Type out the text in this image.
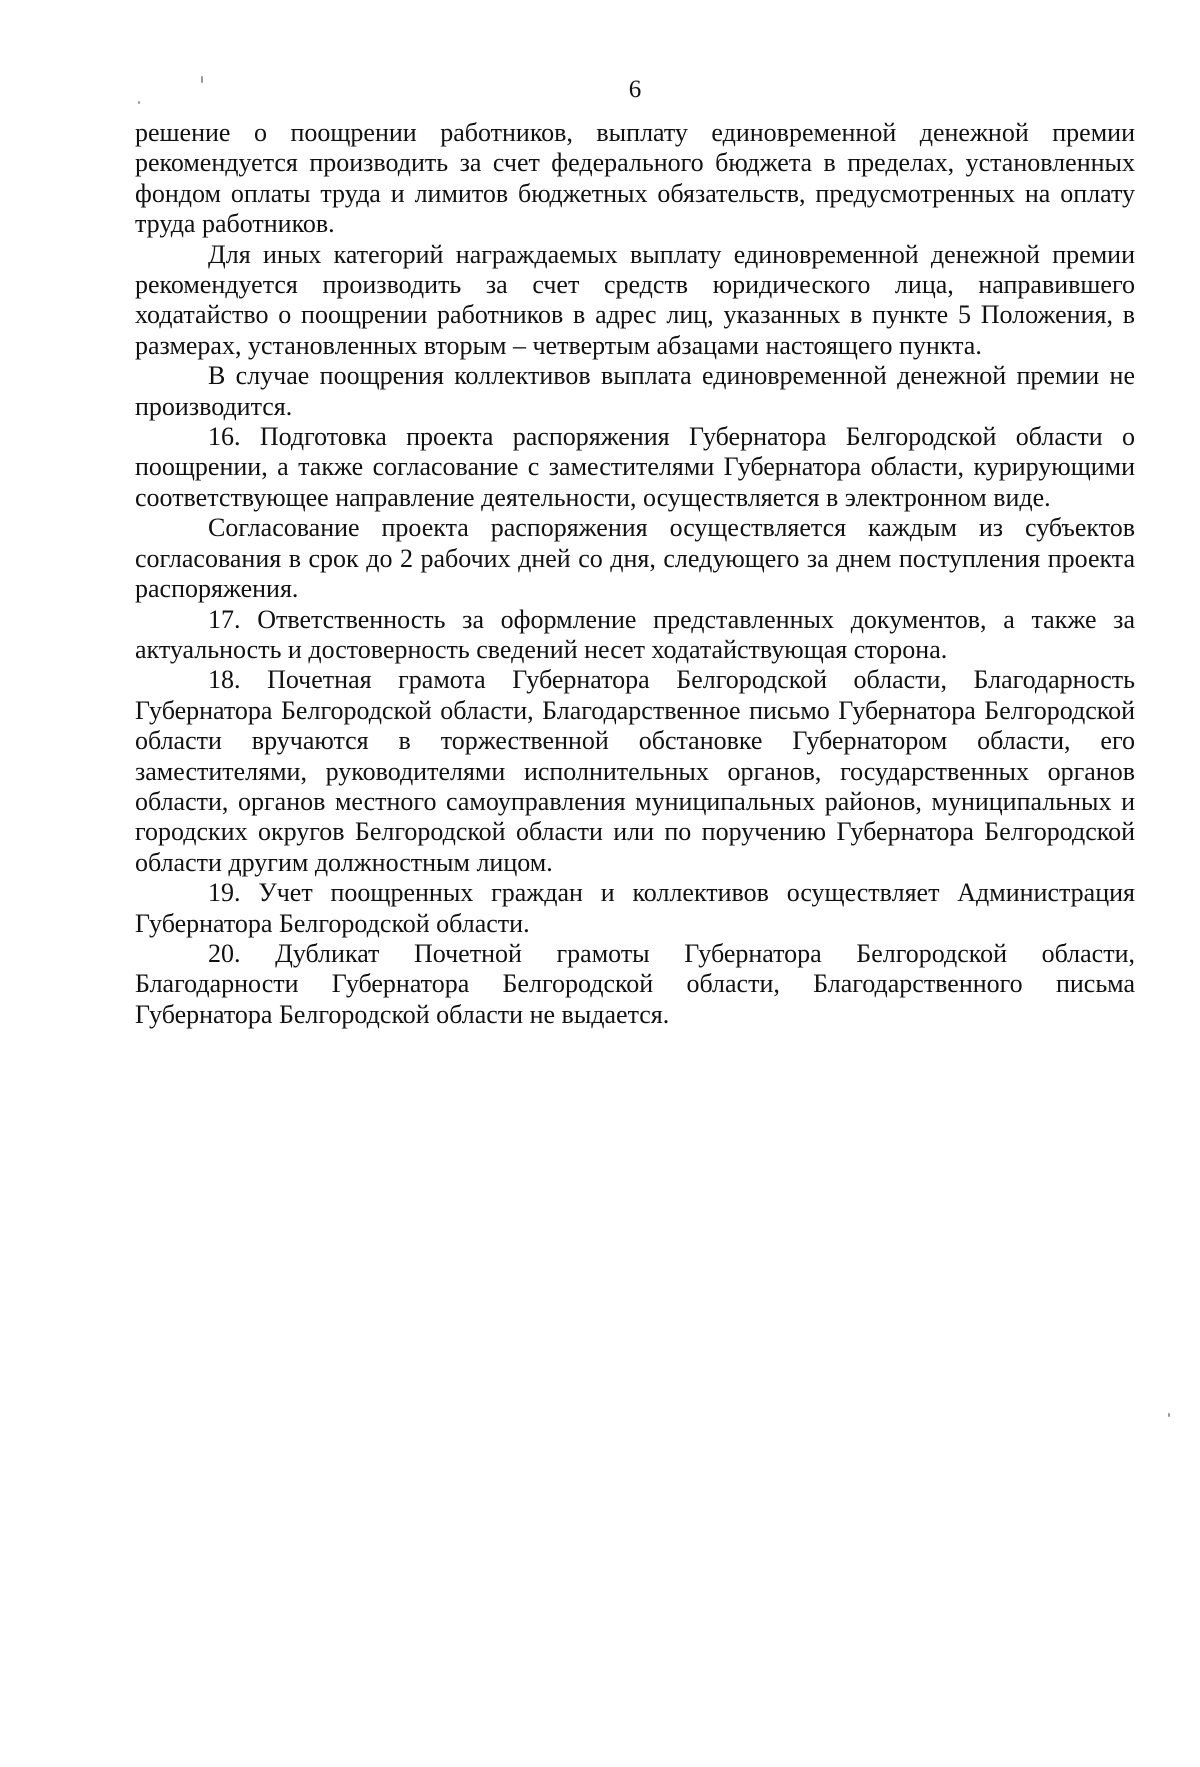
6

решение о поощрении работников, выплату единовременной денежной премии рекомендуется производить за счет федерального бюджета в пределах, установленных фондом оплаты труда и лимитов бюджетных обязательств, предусмотренных на оплату труда работников.

Для иных категорий награждаемых выплату единовременной денежной премии рекомендуется производить за счет средств юридического лица, направившего ходатайство о поощрении работников в адрес лиц, указанных в пункте 5 Положения, в размерах, установленных вторым – четвертым абзацами настоящего пункта.

В случае поощрения коллективов выплата единовременной денежной премии не производится.

16. Подготовка проекта распоряжения Губернатора Белгородской области о поощрении, а также согласование с заместителями Губернатора области, курирующими соответствующее направление деятельности, осуществляется в электронном виде.

Согласование проекта распоряжения осуществляется каждым из субъектов согласования в срок до 2 рабочих дней со дня, следующего за днем поступления проекта распоряжения.

17. Ответственность за оформление представленных документов, а также за актуальность и достоверность сведений несет ходатайствующая сторона.

18. Почетная грамота Губернатора Белгородской области, Благодарность Губернатора Белгородской области, Благодарственное письмо Губернатора Белгородской области вручаются в торжественной обстановке Губернатором области, его заместителями, руководителями исполнительных органов, государственных органов области, органов местного самоуправления муниципальных районов, муниципальных и городских округов Белгородской области или по поручению Губернатора Белгородской области другим должностным лицом.

19. Учет поощренных граждан и коллективов осуществляет Администрация Губернатора Белгородской области.

20. Дубликат Почетной грамоты Губернатора Белгородской области, Благодарности Губернатора Белгородской области, Благодарственного письма Губернатора Белгородской области не выдается.
